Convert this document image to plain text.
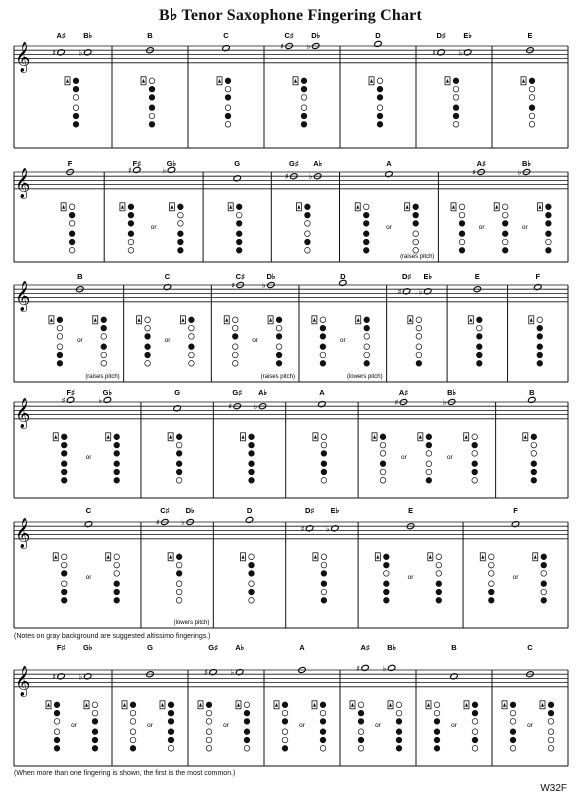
B♭ Tenor Saxophone Fingering Chart
𝄞
A♯ B♭
♯	♭
B	C	C♯ D♭
♯	♭
D	D♯ E♭
♯	♭
E
𝄞
F	F♯	G♭
♯	♭
or
G	G♯ A♭
♯ ♭
A
or
(raises pitch)
A♯	B♭
♯	♭
or	or
𝄞
B
or
(raises pitch)
C
or
C♯	D♭
♯	♭
or
(raises pitch)
D
or
(lowers pitch)
D♯ E♭
♯ ♭
E	F
𝄞
F♯	G♭
♯	♭
or
G	G♯ A♭
♯	♭
A	A♯	B♭
♯	♭
or	or
B
𝄞
C
or
C♯ D♭
♯	♭
(lowers pitch)
D	D♯ E♭
♯	♭
E
or
F
or
𝄞
F♯ G♭
♯	♭
or
G
or
G♯ A♭
♯	♭
or
A
or
A♯ B♭
♯	♭
or
B
or
C
or
(Notes on gray background are suggested altissimo fingerings.)
(When more than one fingering is shown, the first is the most common.)
W32F
